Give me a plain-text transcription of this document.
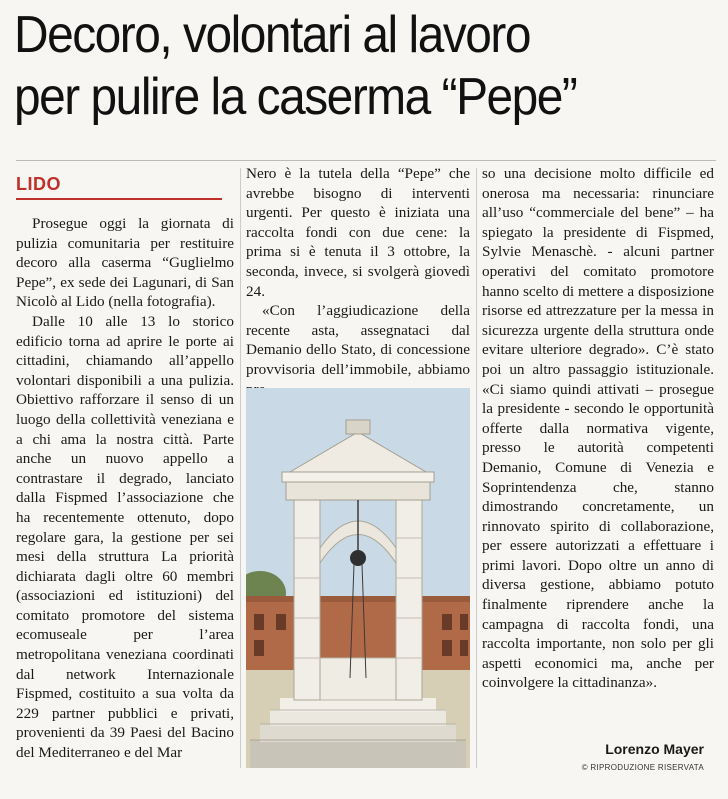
Decoro, volontari al lavoro
per pulire la caserma “Pepe”
LIDO

Prosegue oggi la giornata di pulizia comunitaria per restituire decoro alla caserma “Guglielmo Pepe”, ex sede dei Lagunari, di San Nicolò al Lido (nella fotografia).

Dalle 10 alle 13 lo storico edificio torna ad aprire le porte ai cittadini, chiamando all’appello volontari disponibili a una pulizia. Obiettivo rafforzare il senso di un luogo della collettività veneziana e a chi ama la nostra città. Parte anche un nuovo appello a contrastare il degrado, lanciato dalla Fispmed l’associazione che ha recentemente ottenuto, dopo regolare gara, la gestione per sei mesi della struttura La priorità dichiarata dagli oltre 60 membri (associazioni ed istituzioni) del comitato promotore del sistema ecomuseale per l’area metropolitana veneziana coordinati dal network Internazionale Fispmed, costituito a sua volta da 229 partner pubblici e privati, provenienti da 39 Paesi del Bacino del Mediterraneo e del Mar

Nero è la tutela della “Pepe” che avrebbe bisogno di interventi urgenti. Per questo è iniziata una raccolta fondi con due cene: la prima si è tenuta il 3 ottobre, la seconda, invece, si svolgerà giovedì 24.

«Con l’aggiudicazione della recente asta, assegnataci dal Demanio dello Stato, di concessione provvisoria dell’immobile, abbiamo

so una decisione molto difficile ed onerosa ma necessaria: rinunciare all’uso “commerciale del bene” – ha spiegato la presidente di Fispmed, Sylvie Menaschè. - alcuni partner operativi del comitato promotore hanno scelto di mettere a disposizione risorse ed attrezzature per la messa in sicurezza urgente della struttura onde evitare ulteriore degrado». C’è stato poi un altro passaggio istituzionale. «Ci siamo quindi attivati – prosegue la presidente - secondo le opportunità offerte dalla normativa vigente, presso le autorità competenti Demanio, Comune di Venezia e Soprintendenza che, stanno dimostrando concretamente, un rinnovato spirito di collaborazione, per essere autorizzati a effettuare i primi lavori. Dopo oltre un anno di diversa gestione, abbiamo potuto finalmente riprendere anche la campagna di raccolta fondi, una raccolta importante, non solo per gli aspetti economici ma, anche per coinvolgere la cittadinanza».

Lorenzo Mayer
© RIPRODUZIONE RISERVATA
